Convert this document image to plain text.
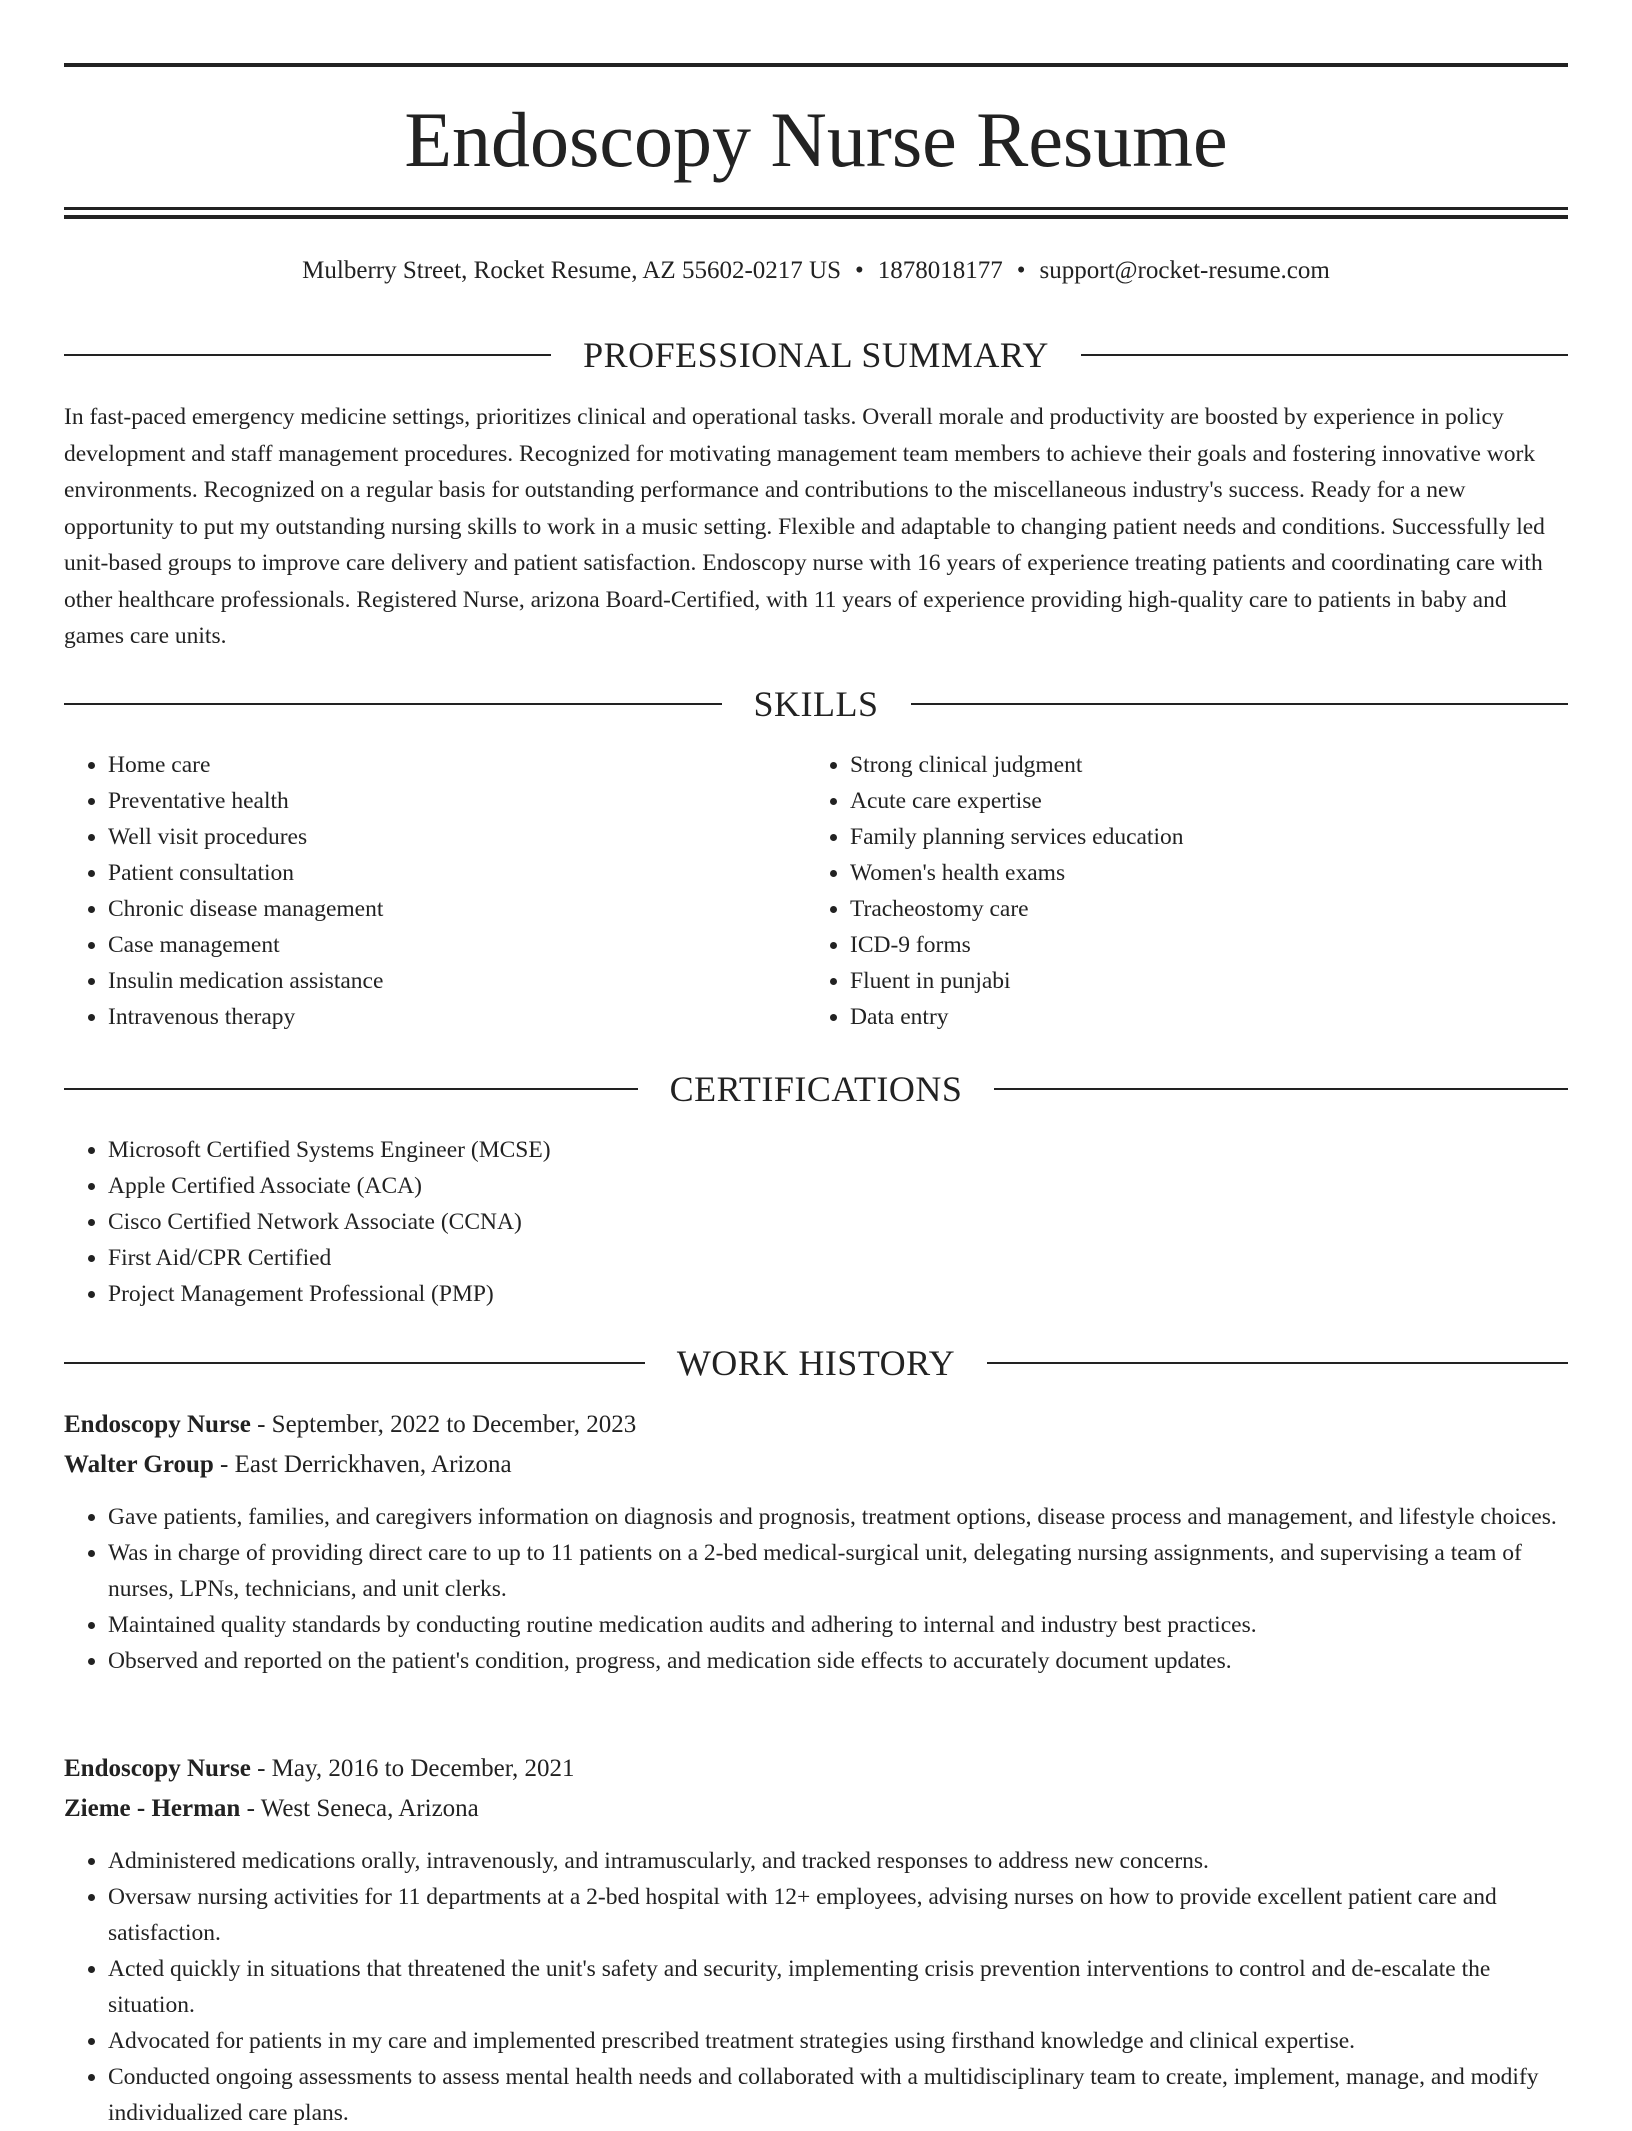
Endoscopy Nurse Resume
Mulberry Street, Rocket Resume, AZ 55602-0217 US • 1878018177 • support@rocket-resume.com
PROFESSIONAL SUMMARY

In fast-paced emergency medicine settings, prioritizes clinical and operational tasks. Overall morale and productivity are boosted by experience in policy development and staff management procedures. Recognized for motivating management team members to achieve their goals and fostering innovative work environments. Recognized on a regular basis for outstanding performance and contributions to the miscellaneous industry's success. Ready for a new opportunity to put my outstanding nursing skills to work in a music setting. Flexible and adaptable to changing patient needs and conditions. Successfully led unit-based groups to improve care delivery and patient satisfaction. Endoscopy nurse with 16 years of experience treating patients and coordinating care with other healthcare professionals. Registered Nurse, arizona Board-Certified, with 11 years of experience providing high-quality care to patients in baby and games care units.

SKILLS
• Home care
• Preventative health
• Well visit procedures
• Patient consultation
• Chronic disease management
• Case management
• Insulin medication assistance
• Intravenous therapy
• Strong clinical judgment
• Acute care expertise
• Family planning services education
• Women's health exams
• Tracheostomy care
• ICD-9 forms
• Fluent in punjabi
• Data entry
CERTIFICATIONS
• Microsoft Certified Systems Engineer (MCSE)
• Apple Certified Associate (ACA)
• Cisco Certified Network Associate (CCNA)
• First Aid/CPR Certified
• Project Management Professional (PMP)
WORK HISTORY
Endoscopy Nurse - September, 2022 to December, 2023
Walter Group - East Derrickhaven, Arizona
• Gave patients, families, and caregivers information on diagnosis and prognosis, treatment options, disease process and management, and lifestyle choices.
• Was in charge of providing direct care to up to 11 patients on a 2-bed medical-surgical unit, delegating nursing assignments, and supervising a team of nurses, LPNs, technicians, and unit clerks.
• Maintained quality standards by conducting routine medication audits and adhering to internal and industry best practices.
• Observed and reported on the patient's condition, progress, and medication side effects to accurately document updates.
Endoscopy Nurse - May, 2016 to December, 2021
Zieme - Herman - West Seneca, Arizona
• Administered medications orally, intravenously, and intramuscularly, and tracked responses to address new concerns.
• Oversaw nursing activities for 11 departments at a 2-bed hospital with 12+ employees, advising nurses on how to provide excellent patient care and satisfaction.
• Acted quickly in situations that threatened the unit's safety and security, implementing crisis prevention interventions to control and de-escalate the situation.
• Advocated for patients in my care and implemented prescribed treatment strategies using firsthand knowledge and clinical expertise.
• Conducted ongoing assessments to assess mental health needs and collaborated with a multidisciplinary team to create, implement, manage, and modify individualized care plans.
